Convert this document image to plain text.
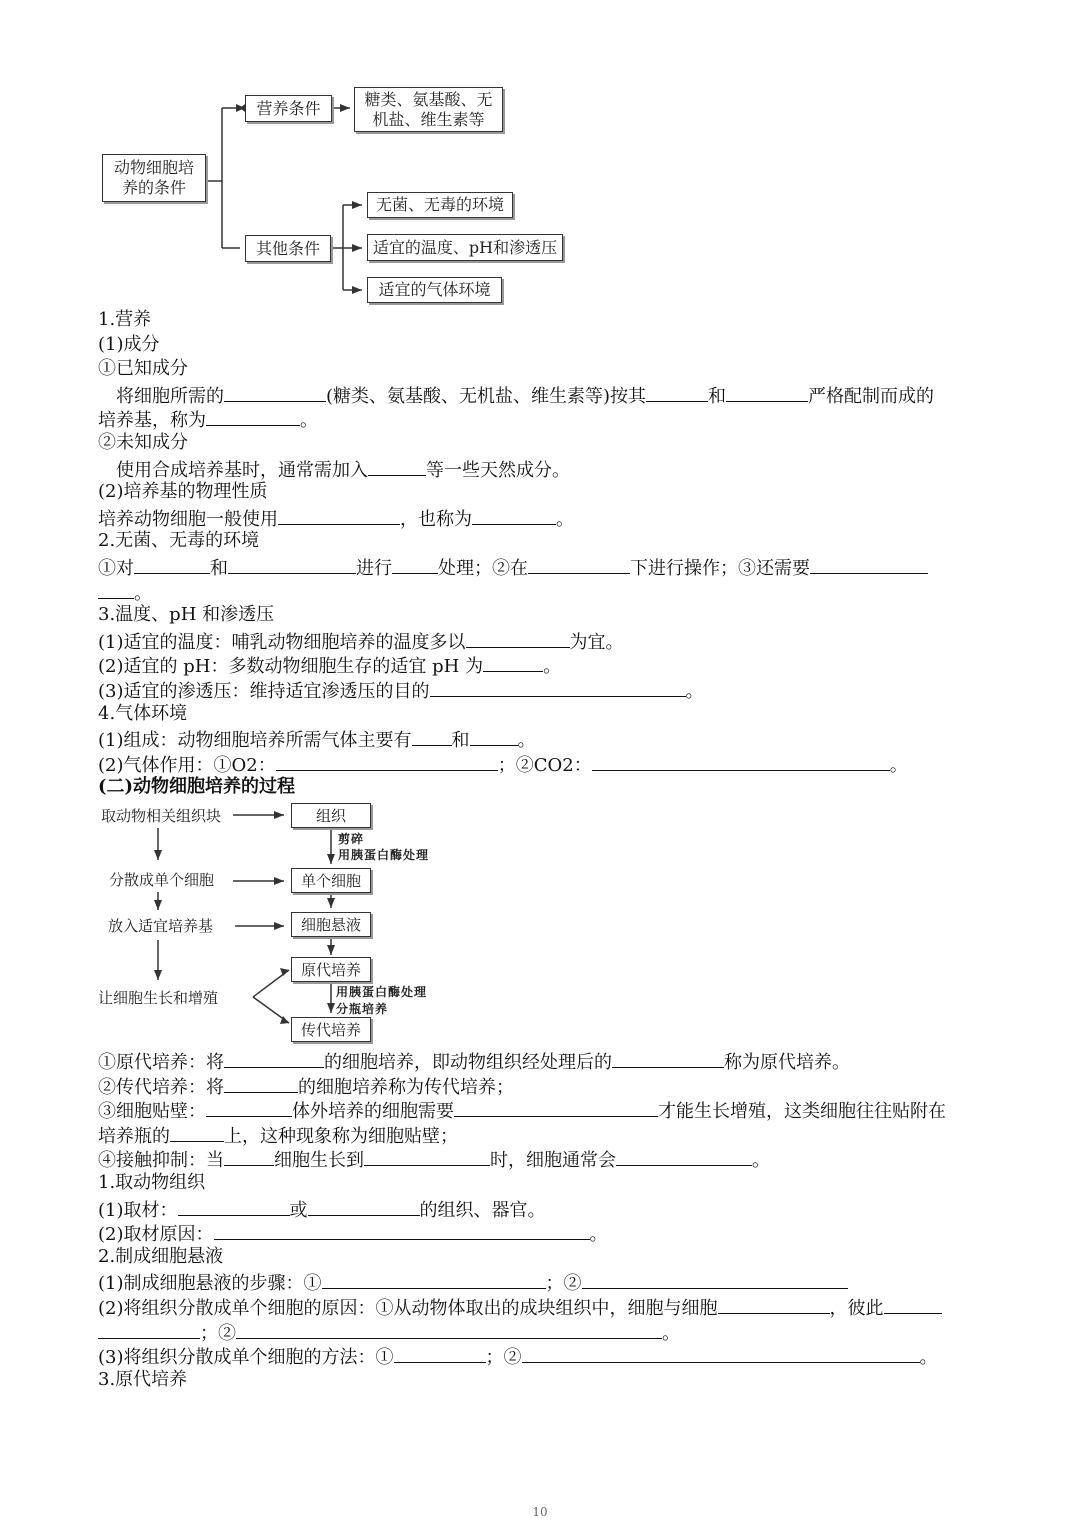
动物细胞培养的条件
营养条件	糖类、氨基酸、无机盐、维生素等
其他条件
无菌、无毒的环境
适宜的温度、pH和渗透压
适宜的气体环境
1.营养
(1)成分
①已知成分
将细胞所需的	(糖类、氨基酸、无机盐、维生素等)按其	和	严格配制而成的
培养基，称为	。
②未知成分
使用合成培养基时，通常需加入	等一些天然成分。
(2)培养基的物理性质
培养动物细胞一般使用	，也称为	。
2.无菌、无毒的环境
①对	和	进行	处理；②在	下进行操作；③还需要
。
3.温度、pH 和渗透压
(1)适宜的温度：哺乳动物细胞培养的温度多以	为宜。
(2)适宜的 pH：多数动物细胞生存的适宜 pH 为	。
(3)适宜的渗透压：维持适宜渗透压的目的	。
4.气体环境
(1)组成：动物细胞培养所需气体主要有 和	。
(2)气体作用：①O2：	；②CO2：	。
(二)动物细胞培养的过程
取动物相关组织块
分散成单个细胞
放入适宜培养基
让细胞生长和增殖
组织
单个细胞
细胞悬液
原代培养
传代培养
剪碎
用胰蛋白酶处理
用胰蛋白酶处理
分瓶培养
①原代培养：将	的细胞培养，即动物组织经处理后的	称为原代培养。
②传代培养：将	的细胞培养称为传代培养；
③细胞贴壁：	体外培养的细胞需要	才能生长增殖，这类细胞往往贴附在
培养瓶的	上，这种现象称为细胞贴壁；
④接触抑制：当	细胞生长到	时，细胞通常会	。
1.取动物组织
(1)取材：	或	的组织、器官。
(2)取材原因：	。
2.制成细胞悬液
(1)制成细胞悬液的步骤：①	；②
(2)将组织分散成单个细胞的原因：①从动物体取出的成块组织中，细胞与细胞	，彼此
；②	。
(3)将组织分散成单个细胞的方法：①	；②	。
3.原代培养
10
